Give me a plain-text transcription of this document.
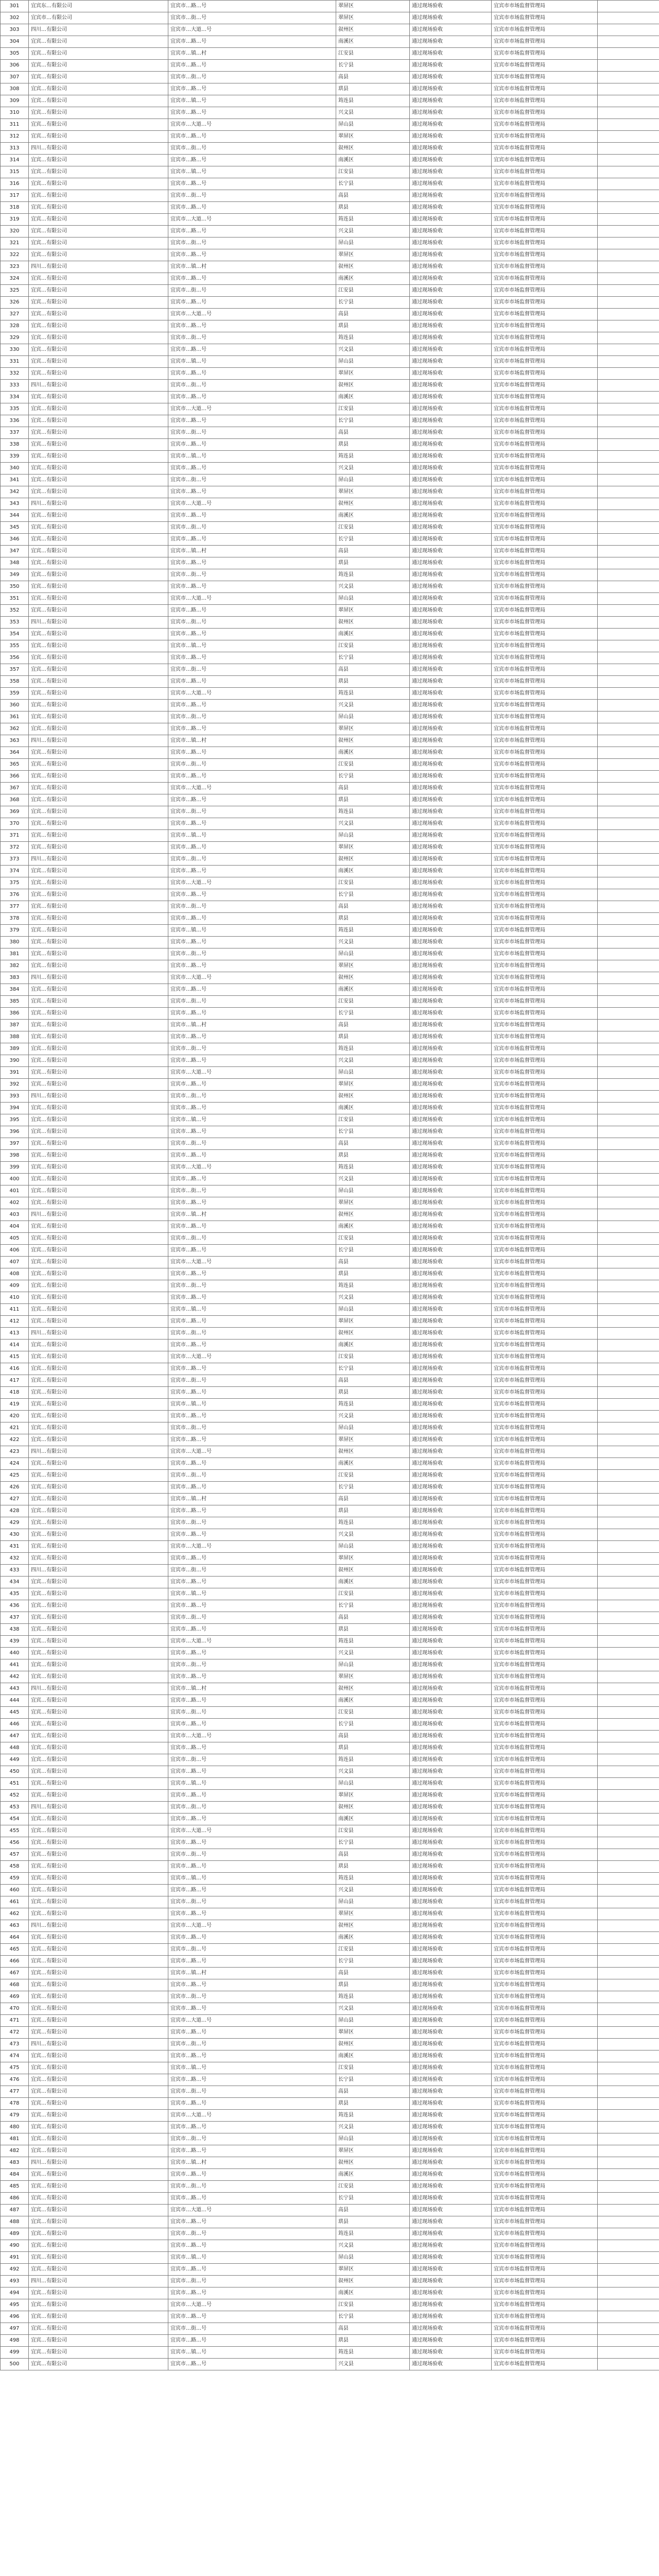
301	宜宾东…有限公司	宜宾市…路…号	翠屏区	通过现场验收	宜宾市市场监督管理局	
302	宜宾市…有限公司	宜宾市…街…号	翠屏区	通过现场验收	宜宾市市场监督管理局	
303	四川…有限公司	宜宾市…大道…号	叙州区	通过现场验收	宜宾市市场监督管理局	
304	宜宾…有限公司	宜宾市…路…号	南溪区	通过现场验收	宜宾市市场监督管理局	
305	宜宾…有限公司	宜宾市…镇…村	江安县	通过现场验收	宜宾市市场监督管理局	
306	宜宾…有限公司	宜宾市…路…号	长宁县	通过现场验收	宜宾市市场监督管理局	
307	宜宾…有限公司	宜宾市…街…号	高县	通过现场验收	宜宾市市场监督管理局	
308	宜宾…有限公司	宜宾市…路…号	珙县	通过现场验收	宜宾市市场监督管理局	
309	宜宾…有限公司	宜宾市…镇…号	筠连县	通过现场验收	宜宾市市场监督管理局	
310	宜宾…有限公司	宜宾市…路…号	兴文县	通过现场验收	宜宾市市场监督管理局	
311	宜宾…有限公司	宜宾市…大道…号	屏山县	通过现场验收	宜宾市市场监督管理局	
312	宜宾…有限公司	宜宾市…路…号	翠屏区	通过现场验收	宜宾市市场监督管理局	
313	四川…有限公司	宜宾市…街…号	叙州区	通过现场验收	宜宾市市场监督管理局	
314	宜宾…有限公司	宜宾市…路…号	南溪区	通过现场验收	宜宾市市场监督管理局	
315	宜宾…有限公司	宜宾市…镇…号	江安县	通过现场验收	宜宾市市场监督管理局	
316	宜宾…有限公司	宜宾市…路…号	长宁县	通过现场验收	宜宾市市场监督管理局	
317	宜宾…有限公司	宜宾市…街…号	高县	通过现场验收	宜宾市市场监督管理局	
318	宜宾…有限公司	宜宾市…路…号	珙县	通过现场验收	宜宾市市场监督管理局	
319	宜宾…有限公司	宜宾市…大道…号	筠连县	通过现场验收	宜宾市市场监督管理局	
320	宜宾…有限公司	宜宾市…路…号	兴文县	通过现场验收	宜宾市市场监督管理局	
321	宜宾…有限公司	宜宾市…街…号	屏山县	通过现场验收	宜宾市市场监督管理局	
322	宜宾…有限公司	宜宾市…路…号	翠屏区	通过现场验收	宜宾市市场监督管理局	
323	四川…有限公司	宜宾市…镇…村	叙州区	通过现场验收	宜宾市市场监督管理局	
324	宜宾…有限公司	宜宾市…路…号	南溪区	通过现场验收	宜宾市市场监督管理局	
325	宜宾…有限公司	宜宾市…街…号	江安县	通过现场验收	宜宾市市场监督管理局	
326	宜宾…有限公司	宜宾市…路…号	长宁县	通过现场验收	宜宾市市场监督管理局	
327	宜宾…有限公司	宜宾市…大道…号	高县	通过现场验收	宜宾市市场监督管理局	
328	宜宾…有限公司	宜宾市…路…号	珙县	通过现场验收	宜宾市市场监督管理局	
329	宜宾…有限公司	宜宾市…街…号	筠连县	通过现场验收	宜宾市市场监督管理局	
330	宜宾…有限公司	宜宾市…路…号	兴文县	通过现场验收	宜宾市市场监督管理局	
331	宜宾…有限公司	宜宾市…镇…号	屏山县	通过现场验收	宜宾市市场监督管理局	
332	宜宾…有限公司	宜宾市…路…号	翠屏区	通过现场验收	宜宾市市场监督管理局	
333	四川…有限公司	宜宾市…街…号	叙州区	通过现场验收	宜宾市市场监督管理局	
334	宜宾…有限公司	宜宾市…路…号	南溪区	通过现场验收	宜宾市市场监督管理局	
335	宜宾…有限公司	宜宾市…大道…号	江安县	通过现场验收	宜宾市市场监督管理局	
336	宜宾…有限公司	宜宾市…路…号	长宁县	通过现场验收	宜宾市市场监督管理局	
337	宜宾…有限公司	宜宾市…街…号	高县	通过现场验收	宜宾市市场监督管理局	
338	宜宾…有限公司	宜宾市…路…号	珙县	通过现场验收	宜宾市市场监督管理局	
339	宜宾…有限公司	宜宾市…镇…号	筠连县	通过现场验收	宜宾市市场监督管理局	
340	宜宾…有限公司	宜宾市…路…号	兴文县	通过现场验收	宜宾市市场监督管理局	
341	宜宾…有限公司	宜宾市…街…号	屏山县	通过现场验收	宜宾市市场监督管理局	
342	宜宾…有限公司	宜宾市…路…号	翠屏区	通过现场验收	宜宾市市场监督管理局	
343	四川…有限公司	宜宾市…大道…号	叙州区	通过现场验收	宜宾市市场监督管理局	
344	宜宾…有限公司	宜宾市…路…号	南溪区	通过现场验收	宜宾市市场监督管理局	
345	宜宾…有限公司	宜宾市…街…号	江安县	通过现场验收	宜宾市市场监督管理局	
346	宜宾…有限公司	宜宾市…路…号	长宁县	通过现场验收	宜宾市市场监督管理局	
347	宜宾…有限公司	宜宾市…镇…村	高县	通过现场验收	宜宾市市场监督管理局	
348	宜宾…有限公司	宜宾市…路…号	珙县	通过现场验收	宜宾市市场监督管理局	
349	宜宾…有限公司	宜宾市…街…号	筠连县	通过现场验收	宜宾市市场监督管理局	
350	宜宾…有限公司	宜宾市…路…号	兴文县	通过现场验收	宜宾市市场监督管理局	
351	宜宾…有限公司	宜宾市…大道…号	屏山县	通过现场验收	宜宾市市场监督管理局	
352	宜宾…有限公司	宜宾市…路…号	翠屏区	通过现场验收	宜宾市市场监督管理局	
353	四川…有限公司	宜宾市…街…号	叙州区	通过现场验收	宜宾市市场监督管理局	
354	宜宾…有限公司	宜宾市…路…号	南溪区	通过现场验收	宜宾市市场监督管理局	
355	宜宾…有限公司	宜宾市…镇…号	江安县	通过现场验收	宜宾市市场监督管理局	
356	宜宾…有限公司	宜宾市…路…号	长宁县	通过现场验收	宜宾市市场监督管理局	
357	宜宾…有限公司	宜宾市…街…号	高县	通过现场验收	宜宾市市场监督管理局	
358	宜宾…有限公司	宜宾市…路…号	珙县	通过现场验收	宜宾市市场监督管理局	
359	宜宾…有限公司	宜宾市…大道…号	筠连县	通过现场验收	宜宾市市场监督管理局	
360	宜宾…有限公司	宜宾市…路…号	兴文县	通过现场验收	宜宾市市场监督管理局	
361	宜宾…有限公司	宜宾市…街…号	屏山县	通过现场验收	宜宾市市场监督管理局	
362	宜宾…有限公司	宜宾市…路…号	翠屏区	通过现场验收	宜宾市市场监督管理局	
363	四川…有限公司	宜宾市…镇…村	叙州区	通过现场验收	宜宾市市场监督管理局	
364	宜宾…有限公司	宜宾市…路…号	南溪区	通过现场验收	宜宾市市场监督管理局	
365	宜宾…有限公司	宜宾市…街…号	江安县	通过现场验收	宜宾市市场监督管理局	
366	宜宾…有限公司	宜宾市…路…号	长宁县	通过现场验收	宜宾市市场监督管理局	
367	宜宾…有限公司	宜宾市…大道…号	高县	通过现场验收	宜宾市市场监督管理局	
368	宜宾…有限公司	宜宾市…路…号	珙县	通过现场验收	宜宾市市场监督管理局	
369	宜宾…有限公司	宜宾市…街…号	筠连县	通过现场验收	宜宾市市场监督管理局	
370	宜宾…有限公司	宜宾市…路…号	兴文县	通过现场验收	宜宾市市场监督管理局	
371	宜宾…有限公司	宜宾市…镇…号	屏山县	通过现场验收	宜宾市市场监督管理局	
372	宜宾…有限公司	宜宾市…路…号	翠屏区	通过现场验收	宜宾市市场监督管理局	
373	四川…有限公司	宜宾市…街…号	叙州区	通过现场验收	宜宾市市场监督管理局	
374	宜宾…有限公司	宜宾市…路…号	南溪区	通过现场验收	宜宾市市场监督管理局	
375	宜宾…有限公司	宜宾市…大道…号	江安县	通过现场验收	宜宾市市场监督管理局	
376	宜宾…有限公司	宜宾市…路…号	长宁县	通过现场验收	宜宾市市场监督管理局	
377	宜宾…有限公司	宜宾市…街…号	高县	通过现场验收	宜宾市市场监督管理局	
378	宜宾…有限公司	宜宾市…路…号	珙县	通过现场验收	宜宾市市场监督管理局	
379	宜宾…有限公司	宜宾市…镇…号	筠连县	通过现场验收	宜宾市市场监督管理局	
380	宜宾…有限公司	宜宾市…路…号	兴文县	通过现场验收	宜宾市市场监督管理局	
381	宜宾…有限公司	宜宾市…街…号	屏山县	通过现场验收	宜宾市市场监督管理局	
382	宜宾…有限公司	宜宾市…路…号	翠屏区	通过现场验收	宜宾市市场监督管理局	
383	四川…有限公司	宜宾市…大道…号	叙州区	通过现场验收	宜宾市市场监督管理局	
384	宜宾…有限公司	宜宾市…路…号	南溪区	通过现场验收	宜宾市市场监督管理局	
385	宜宾…有限公司	宜宾市…街…号	江安县	通过现场验收	宜宾市市场监督管理局	
386	宜宾…有限公司	宜宾市…路…号	长宁县	通过现场验收	宜宾市市场监督管理局	
387	宜宾…有限公司	宜宾市…镇…村	高县	通过现场验收	宜宾市市场监督管理局	
388	宜宾…有限公司	宜宾市…路…号	珙县	通过现场验收	宜宾市市场监督管理局	
389	宜宾…有限公司	宜宾市…街…号	筠连县	通过现场验收	宜宾市市场监督管理局	
390	宜宾…有限公司	宜宾市…路…号	兴文县	通过现场验收	宜宾市市场监督管理局	
391	宜宾…有限公司	宜宾市…大道…号	屏山县	通过现场验收	宜宾市市场监督管理局	
392	宜宾…有限公司	宜宾市…路…号	翠屏区	通过现场验收	宜宾市市场监督管理局	
393	四川…有限公司	宜宾市…街…号	叙州区	通过现场验收	宜宾市市场监督管理局	
394	宜宾…有限公司	宜宾市…路…号	南溪区	通过现场验收	宜宾市市场监督管理局	
395	宜宾…有限公司	宜宾市…镇…号	江安县	通过现场验收	宜宾市市场监督管理局	
396	宜宾…有限公司	宜宾市…路…号	长宁县	通过现场验收	宜宾市市场监督管理局	
397	宜宾…有限公司	宜宾市…街…号	高县	通过现场验收	宜宾市市场监督管理局	
398	宜宾…有限公司	宜宾市…路…号	珙县	通过现场验收	宜宾市市场监督管理局	
399	宜宾…有限公司	宜宾市…大道…号	筠连县	通过现场验收	宜宾市市场监督管理局	
400	宜宾…有限公司	宜宾市…路…号	兴文县	通过现场验收	宜宾市市场监督管理局	
401	宜宾…有限公司	宜宾市…街…号	屏山县	通过现场验收	宜宾市市场监督管理局	
402	宜宾…有限公司	宜宾市…路…号	翠屏区	通过现场验收	宜宾市市场监督管理局	
403	四川…有限公司	宜宾市…镇…村	叙州区	通过现场验收	宜宾市市场监督管理局	
404	宜宾…有限公司	宜宾市…路…号	南溪区	通过现场验收	宜宾市市场监督管理局	
405	宜宾…有限公司	宜宾市…街…号	江安县	通过现场验收	宜宾市市场监督管理局	
406	宜宾…有限公司	宜宾市…路…号	长宁县	通过现场验收	宜宾市市场监督管理局	
407	宜宾…有限公司	宜宾市…大道…号	高县	通过现场验收	宜宾市市场监督管理局	
408	宜宾…有限公司	宜宾市…路…号	珙县	通过现场验收	宜宾市市场监督管理局	
409	宜宾…有限公司	宜宾市…街…号	筠连县	通过现场验收	宜宾市市场监督管理局	
410	宜宾…有限公司	宜宾市…路…号	兴文县	通过现场验收	宜宾市市场监督管理局	
411	宜宾…有限公司	宜宾市…镇…号	屏山县	通过现场验收	宜宾市市场监督管理局	
412	宜宾…有限公司	宜宾市…路…号	翠屏区	通过现场验收	宜宾市市场监督管理局	
413	四川…有限公司	宜宾市…街…号	叙州区	通过现场验收	宜宾市市场监督管理局	
414	宜宾…有限公司	宜宾市…路…号	南溪区	通过现场验收	宜宾市市场监督管理局	
415	宜宾…有限公司	宜宾市…大道…号	江安县	通过现场验收	宜宾市市场监督管理局	
416	宜宾…有限公司	宜宾市…路…号	长宁县	通过现场验收	宜宾市市场监督管理局	
417	宜宾…有限公司	宜宾市…街…号	高县	通过现场验收	宜宾市市场监督管理局	
418	宜宾…有限公司	宜宾市…路…号	珙县	通过现场验收	宜宾市市场监督管理局	
419	宜宾…有限公司	宜宾市…镇…号	筠连县	通过现场验收	宜宾市市场监督管理局	
420	宜宾…有限公司	宜宾市…路…号	兴文县	通过现场验收	宜宾市市场监督管理局	
421	宜宾…有限公司	宜宾市…街…号	屏山县	通过现场验收	宜宾市市场监督管理局	
422	宜宾…有限公司	宜宾市…路…号	翠屏区	通过现场验收	宜宾市市场监督管理局	
423	四川…有限公司	宜宾市…大道…号	叙州区	通过现场验收	宜宾市市场监督管理局	
424	宜宾…有限公司	宜宾市…路…号	南溪区	通过现场验收	宜宾市市场监督管理局	
425	宜宾…有限公司	宜宾市…街…号	江安县	通过现场验收	宜宾市市场监督管理局	
426	宜宾…有限公司	宜宾市…路…号	长宁县	通过现场验收	宜宾市市场监督管理局	
427	宜宾…有限公司	宜宾市…镇…村	高县	通过现场验收	宜宾市市场监督管理局	
428	宜宾…有限公司	宜宾市…路…号	珙县	通过现场验收	宜宾市市场监督管理局	
429	宜宾…有限公司	宜宾市…街…号	筠连县	通过现场验收	宜宾市市场监督管理局	
430	宜宾…有限公司	宜宾市…路…号	兴文县	通过现场验收	宜宾市市场监督管理局	
431	宜宾…有限公司	宜宾市…大道…号	屏山县	通过现场验收	宜宾市市场监督管理局	
432	宜宾…有限公司	宜宾市…路…号	翠屏区	通过现场验收	宜宾市市场监督管理局	
433	四川…有限公司	宜宾市…街…号	叙州区	通过现场验收	宜宾市市场监督管理局	
434	宜宾…有限公司	宜宾市…路…号	南溪区	通过现场验收	宜宾市市场监督管理局	
435	宜宾…有限公司	宜宾市…镇…号	江安县	通过现场验收	宜宾市市场监督管理局	
436	宜宾…有限公司	宜宾市…路…号	长宁县	通过现场验收	宜宾市市场监督管理局	
437	宜宾…有限公司	宜宾市…街…号	高县	通过现场验收	宜宾市市场监督管理局	
438	宜宾…有限公司	宜宾市…路…号	珙县	通过现场验收	宜宾市市场监督管理局	
439	宜宾…有限公司	宜宾市…大道…号	筠连县	通过现场验收	宜宾市市场监督管理局	
440	宜宾…有限公司	宜宾市…路…号	兴文县	通过现场验收	宜宾市市场监督管理局	
441	宜宾…有限公司	宜宾市…街…号	屏山县	通过现场验收	宜宾市市场监督管理局	
442	宜宾…有限公司	宜宾市…路…号	翠屏区	通过现场验收	宜宾市市场监督管理局	
443	四川…有限公司	宜宾市…镇…村	叙州区	通过现场验收	宜宾市市场监督管理局	
444	宜宾…有限公司	宜宾市…路…号	南溪区	通过现场验收	宜宾市市场监督管理局	
445	宜宾…有限公司	宜宾市…街…号	江安县	通过现场验收	宜宾市市场监督管理局	
446	宜宾…有限公司	宜宾市…路…号	长宁县	通过现场验收	宜宾市市场监督管理局	
447	宜宾…有限公司	宜宾市…大道…号	高县	通过现场验收	宜宾市市场监督管理局	
448	宜宾…有限公司	宜宾市…路…号	珙县	通过现场验收	宜宾市市场监督管理局	
449	宜宾…有限公司	宜宾市…街…号	筠连县	通过现场验收	宜宾市市场监督管理局	
450	宜宾…有限公司	宜宾市…路…号	兴文县	通过现场验收	宜宾市市场监督管理局	
451	宜宾…有限公司	宜宾市…镇…号	屏山县	通过现场验收	宜宾市市场监督管理局	
452	宜宾…有限公司	宜宾市…路…号	翠屏区	通过现场验收	宜宾市市场监督管理局	
453	四川…有限公司	宜宾市…街…号	叙州区	通过现场验收	宜宾市市场监督管理局	
454	宜宾…有限公司	宜宾市…路…号	南溪区	通过现场验收	宜宾市市场监督管理局	
455	宜宾…有限公司	宜宾市…大道…号	江安县	通过现场验收	宜宾市市场监督管理局	
456	宜宾…有限公司	宜宾市…路…号	长宁县	通过现场验收	宜宾市市场监督管理局	
457	宜宾…有限公司	宜宾市…街…号	高县	通过现场验收	宜宾市市场监督管理局	
458	宜宾…有限公司	宜宾市…路…号	珙县	通过现场验收	宜宾市市场监督管理局	
459	宜宾…有限公司	宜宾市…镇…号	筠连县	通过现场验收	宜宾市市场监督管理局	
460	宜宾…有限公司	宜宾市…路…号	兴文县	通过现场验收	宜宾市市场监督管理局	
461	宜宾…有限公司	宜宾市…街…号	屏山县	通过现场验收	宜宾市市场监督管理局	
462	宜宾…有限公司	宜宾市…路…号	翠屏区	通过现场验收	宜宾市市场监督管理局	
463	四川…有限公司	宜宾市…大道…号	叙州区	通过现场验收	宜宾市市场监督管理局	
464	宜宾…有限公司	宜宾市…路…号	南溪区	通过现场验收	宜宾市市场监督管理局	
465	宜宾…有限公司	宜宾市…街…号	江安县	通过现场验收	宜宾市市场监督管理局	
466	宜宾…有限公司	宜宾市…路…号	长宁县	通过现场验收	宜宾市市场监督管理局	
467	宜宾…有限公司	宜宾市…镇…村	高县	通过现场验收	宜宾市市场监督管理局	
468	宜宾…有限公司	宜宾市…路…号	珙县	通过现场验收	宜宾市市场监督管理局	
469	宜宾…有限公司	宜宾市…街…号	筠连县	通过现场验收	宜宾市市场监督管理局	
470	宜宾…有限公司	宜宾市…路…号	兴文县	通过现场验收	宜宾市市场监督管理局	
471	宜宾…有限公司	宜宾市…大道…号	屏山县	通过现场验收	宜宾市市场监督管理局	
472	宜宾…有限公司	宜宾市…路…号	翠屏区	通过现场验收	宜宾市市场监督管理局	
473	四川…有限公司	宜宾市…街…号	叙州区	通过现场验收	宜宾市市场监督管理局	
474	宜宾…有限公司	宜宾市…路…号	南溪区	通过现场验收	宜宾市市场监督管理局	
475	宜宾…有限公司	宜宾市…镇…号	江安县	通过现场验收	宜宾市市场监督管理局	
476	宜宾…有限公司	宜宾市…路…号	长宁县	通过现场验收	宜宾市市场监督管理局	
477	宜宾…有限公司	宜宾市…街…号	高县	通过现场验收	宜宾市市场监督管理局	
478	宜宾…有限公司	宜宾市…路…号	珙县	通过现场验收	宜宾市市场监督管理局	
479	宜宾…有限公司	宜宾市…大道…号	筠连县	通过现场验收	宜宾市市场监督管理局	
480	宜宾…有限公司	宜宾市…路…号	兴文县	通过现场验收	宜宾市市场监督管理局	
481	宜宾…有限公司	宜宾市…街…号	屏山县	通过现场验收	宜宾市市场监督管理局	
482	宜宾…有限公司	宜宾市…路…号	翠屏区	通过现场验收	宜宾市市场监督管理局	
483	四川…有限公司	宜宾市…镇…村	叙州区	通过现场验收	宜宾市市场监督管理局	
484	宜宾…有限公司	宜宾市…路…号	南溪区	通过现场验收	宜宾市市场监督管理局	
485	宜宾…有限公司	宜宾市…街…号	江安县	通过现场验收	宜宾市市场监督管理局	
486	宜宾…有限公司	宜宾市…路…号	长宁县	通过现场验收	宜宾市市场监督管理局	
487	宜宾…有限公司	宜宾市…大道…号	高县	通过现场验收	宜宾市市场监督管理局	
488	宜宾…有限公司	宜宾市…路…号	珙县	通过现场验收	宜宾市市场监督管理局	
489	宜宾…有限公司	宜宾市…街…号	筠连县	通过现场验收	宜宾市市场监督管理局	
490	宜宾…有限公司	宜宾市…路…号	兴文县	通过现场验收	宜宾市市场监督管理局	
491	宜宾…有限公司	宜宾市…镇…号	屏山县	通过现场验收	宜宾市市场监督管理局	
492	宜宾…有限公司	宜宾市…路…号	翠屏区	通过现场验收	宜宾市市场监督管理局	
493	四川…有限公司	宜宾市…街…号	叙州区	通过现场验收	宜宾市市场监督管理局	
494	宜宾…有限公司	宜宾市…路…号	南溪区	通过现场验收	宜宾市市场监督管理局	
495	宜宾…有限公司	宜宾市…大道…号	江安县	通过现场验收	宜宾市市场监督管理局	
496	宜宾…有限公司	宜宾市…路…号	长宁县	通过现场验收	宜宾市市场监督管理局	
497	宜宾…有限公司	宜宾市…街…号	高县	通过现场验收	宜宾市市场监督管理局	
498	宜宾…有限公司	宜宾市…路…号	珙县	通过现场验收	宜宾市市场监督管理局	
499	宜宾…有限公司	宜宾市…镇…号	筠连县	通过现场验收	宜宾市市场监督管理局	
500	宜宾…有限公司	宜宾市…路…号	兴文县	通过现场验收	宜宾市市场监督管理局	
